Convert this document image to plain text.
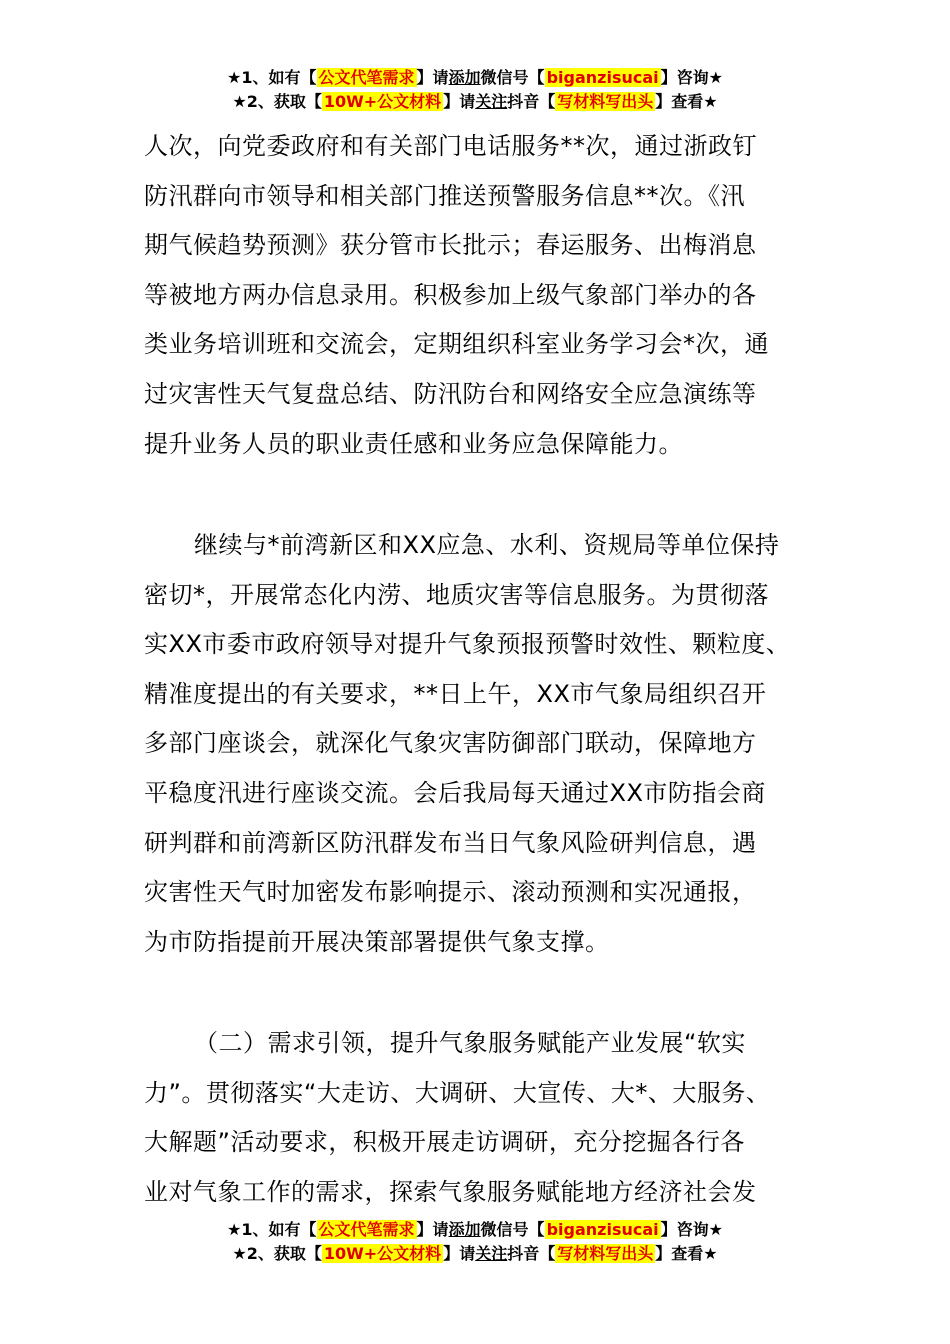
★1、如有【 公文代笔需求 】请添加微信号【 biganzisucai 】咨询★
★2、获取【 10W+公文材料 】请关注抖音【 写材料写出头 】查看★
人次，向党委政府和有关部门电话服务**次，通过浙政钉
防汛群向市领导和相关部门推送预警服务信息**次。《汛
期气候趋势预测》获分管市长批示；春运服务、出梅消息
等被地方两办信息录用。积极参加上级气象部门举办的各
类业务培训班和交流会，定期组织科室业务学习会*次，通
过灾害性天气复盘总结、防汛防台和网络安全应急演练等
提升业务人员的职业责任感和业务应急保障能力。
继续与*前湾新区和XX应急、水利、资规局等单位保持
密切*，开展常态化内涝、地质灾害等信息服务。为贯彻落
实XX市委市政府领导对提升气象预报预警时效性、颗粒度、
精准度提出的有关要求，**日上午，XX市气象局组织召开
多部门座谈会，就深化气象灾害防御部门联动，保障地方
平稳度汛进行座谈交流。会后我局每天通过XX市防指会商
研判群和前湾新区防汛群发布当日气象风险研判信息，遇
灾害性天气时加密发布影响提示、滚动预测和实况通报，
为市防指提前开展决策部署提供气象支撑。
（二）需求引领，提升气象服务赋能产业发展“软实
力”。贯彻落实“大走访、大调研、大宣传、大*、大服务、
大解题”活动要求，积极开展走访调研，充分挖掘各行各
业对气象工作的需求，探索气象服务赋能地方经济社会发
★1、如有【 公文代笔需求 】请添加微信号【 biganzisucai 】咨询★
★2、获取【 10W+公文材料 】请关注抖音【 写材料写出头 】查看★
